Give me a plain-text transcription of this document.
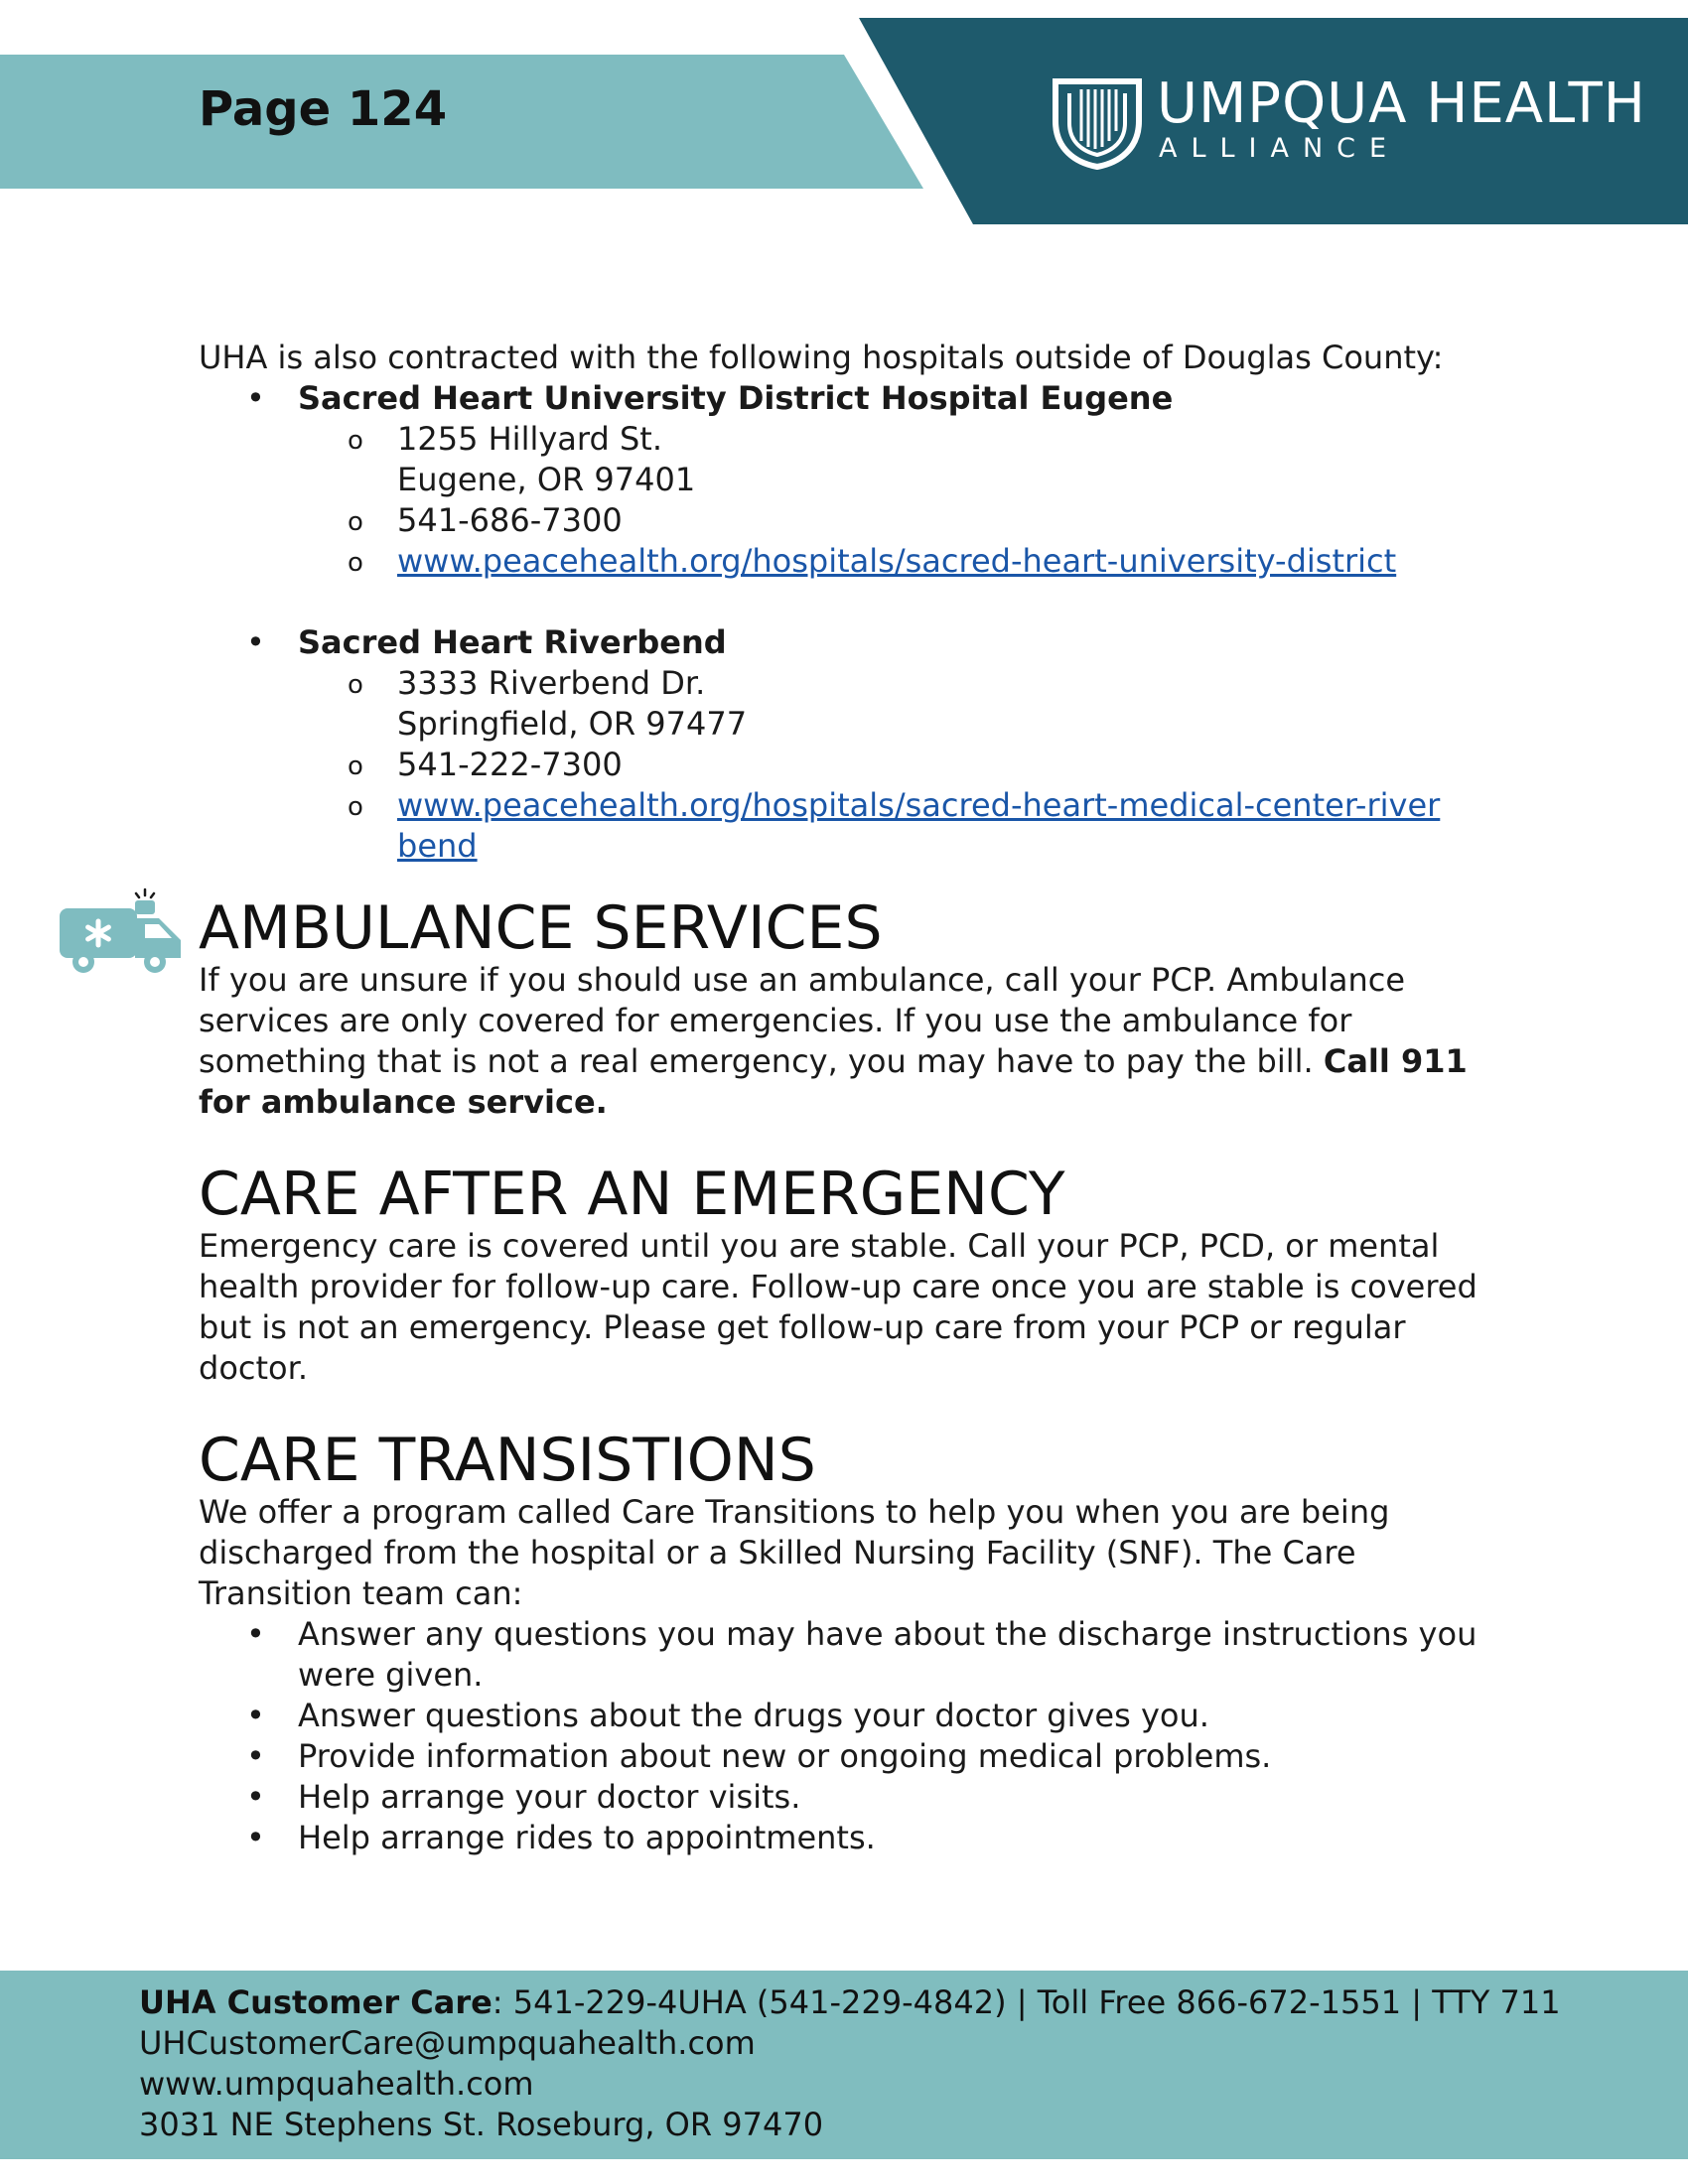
Page 124	UMPQUA HEALTH
ALLIANCE

UHA is also contracted with the following hospitals outside of Douglas County:

• Sacred Heart University District Hospital Eugene
o 1255 Hillyard St.
Eugene, OR 97401
o 541-686-7300
o www.peacehealth.org/hospitals/sacred-heart-university-district
• Sacred Heart Riverbend
o 3333 Riverbend Dr.
Springfield, OR 97477
o 541-222-7300
o www.peacehealth.org/hospitals/sacred-heart-medical-center-riverbend
AMBULANCE SERVICES

If you are unsure if you should use an ambulance, call your PCP. Ambulance services are only covered for emergencies. If you use the ambulance for something that is not a real emergency, you may have to pay the bill. Call 911 for ambulance service.

CARE AFTER AN EMERGENCY

Emergency care is covered until you are stable. Call your PCP, PCD, or mental health provider for follow-up care. Follow-up care once you are stable is covered but is not an emergency. Please get follow-up care from your PCP or regular doctor.

CARE TRANSISTIONS

We offer a program called Care Transitions to help you when you are being discharged from the hospital or a Skilled Nursing Facility (SNF). The Care Transition team can:

• Answer any questions you may have about the discharge instructions you were given.
• Answer questions about the drugs your doctor gives you.
• Provide information about new or ongoing medical problems.
• Help arrange your doctor visits.
• Help arrange rides to appointments.
UHA Customer Care: 541-229-4UHA (541-229-4842) | Toll Free 866-672-1551 | TTY 711
UHCustomerCare@umpquahealth.com
www.umpquahealth.com
3031 NE Stephens St. Roseburg, OR 97470
